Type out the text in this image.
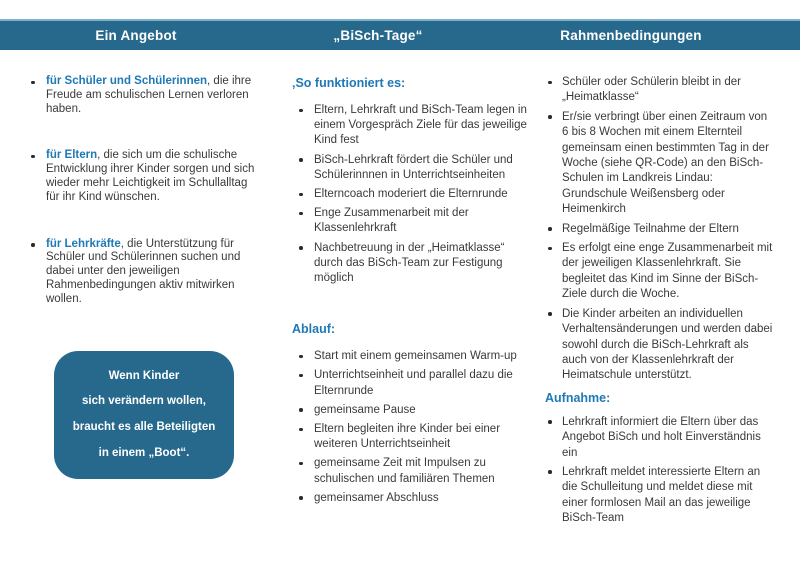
Ein Angebot	„BiSch-Tage“	Rahmenbedingungen
für Schüler und Schülerinnen, die ihre Freude am schulischen Lernen verloren haben.
für Eltern, die sich um die schulische Entwicklung ihrer Kinder sorgen und sich wieder mehr Leichtigkeit im Schullalltag für ihr Kind wünschen.
für Lehrkräfte, die Unterstützung für Schüler und Schülerinnen suchen und dabei unter den jeweiligen Rahmenbedingungen aktiv mitwirken wollen.
Wenn Kinder
sich verändern wollen,
braucht es alle Beteiligten
in einem „Boot“.
‚So funktioniert es:
Eltern, Lehrkraft und BiSch-Team legen in einem Vorgespräch Ziele für das jeweilige Kind fest
BiSch-Lehrkraft fördert die Schüler und Schülerinnnen in Unterrichtseinheiten
Elterncoach moderiert die Elternrunde
Enge Zusammenarbeit mit der Klassenlehrkraft
Nachbetreuung in der „Heimatklasse“ durch das BiSch-Team zur Festigung möglich
Ablauf:
Start mit einem gemeinsamen Warm-up
Unterrichtseinheit und parallel dazu die Elternrunde
gemeinsame Pause
Eltern begleiten ihre Kinder bei einer weiteren Unterrichtseinheit
gemeinsame Zeit mit Impulsen zu schulischen und familiären Themen
gemeinsamer Abschluss
Schüler oder Schülerin bleibt in der „Heimatklasse“
Er/sie verbringt über einen Zeitraum von 6 bis 8 Wochen mit einem Elternteil gemeinsam einen bestimmten Tag in der Woche (siehe QR-Code) an den BiSch-Schulen im Landkreis Lindau: Grundschule Weißensberg oder Heimenkirch
Regelmäßige Teilnahme der Eltern
Es erfolgt eine enge Zusammenarbeit mit der jeweiligen Klassenlehrkraft. Sie begleitet das Kind im Sinne der BiSch-Ziele durch die Woche.
Die Kinder arbeiten an individuellen Verhaltensänderungen und werden dabei sowohl durch die BiSch-Lehrkraft als auch von der Klassenlehrkraft der Heimatschule unterstützt.
Aufnahme:
Lehrkraft informiert die Eltern über das Angebot BiSch und holt Einverständnis ein
Lehrkraft meldet interessierte Eltern an die Schulleitung und meldet diese mit einer formlosen Mail an das jeweilige BiSch-Team
